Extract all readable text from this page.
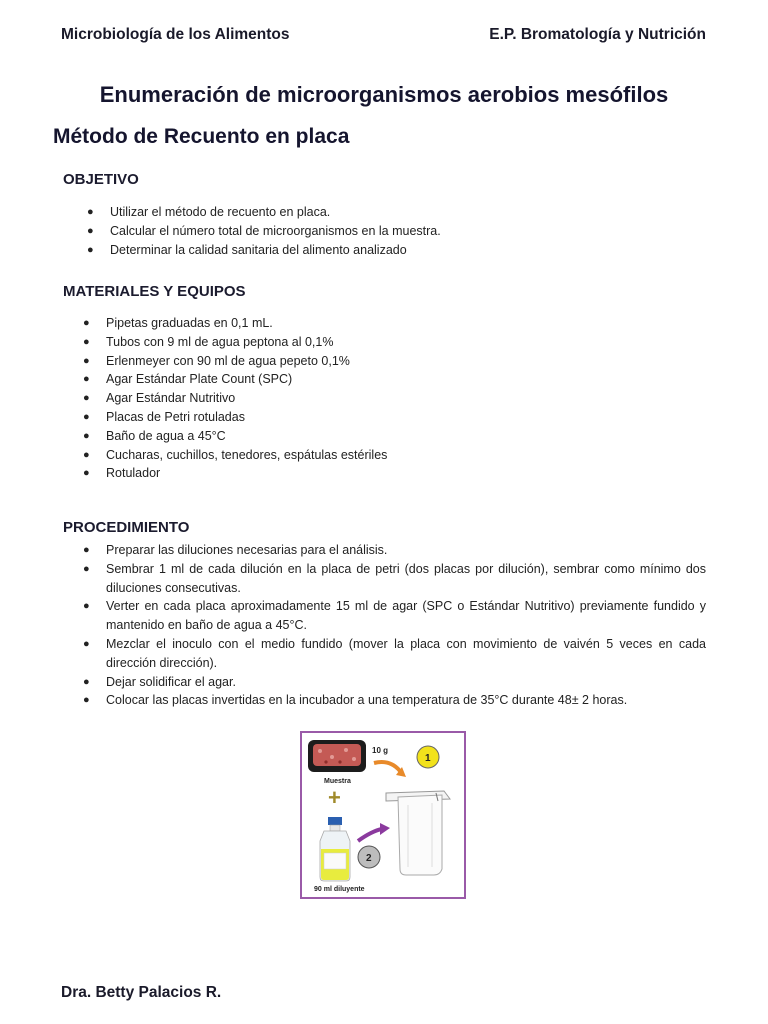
Microbiología de los Alimentos	E.P. Bromatología y Nutrición
Enumeración de microorganismos aerobios mesófilos
Método de Recuento en placa
OBJETIVO
● Utilizar el método de recuento en placa.
● Calcular el número total de microorganismos en la muestra.
● Determinar la calidad sanitaria del alimento analizado
MATERIALES Y EQUIPOS
● Pipetas graduadas en 0,1 mL.
● Tubos con 9 ml de agua peptona al 0,1%
● Erlenmeyer con 90 ml de agua pepeto 0,1%
● Agar Estándar Plate Count (SPC)
● Agar Estándar Nutritivo
● Placas de Petri rotuladas
● Baño de agua a 45°C
● Cucharas, cuchillos, tenedores, espátulas estériles
● Rotulador
PROCEDIMIENTO
● Preparar las diluciones necesarias para el análisis.
● Sembrar 1 ml de cada dilución en la placa de petri (dos placas por dilución), sembrar como mínimo dos diluciones consecutivas.
● Verter en cada placa aproximadamente 15 ml de agar (SPC o Estándar Nutritivo) previamente fundido y mantenido en baño de agua a 45°C.
● Mezclar el inoculo con el medio fundido (mover la placa con movimiento de vaivén 5 veces en cada dirección dirección).
● Dejar solidificar el agar.
● Colocar las placas invertidas en la incubador a una temperatura de 35°C durante 48± 2 horas.
Muestra
10 g
1
+
2
90 ml diluyente
Dra. Betty Palacios R.
